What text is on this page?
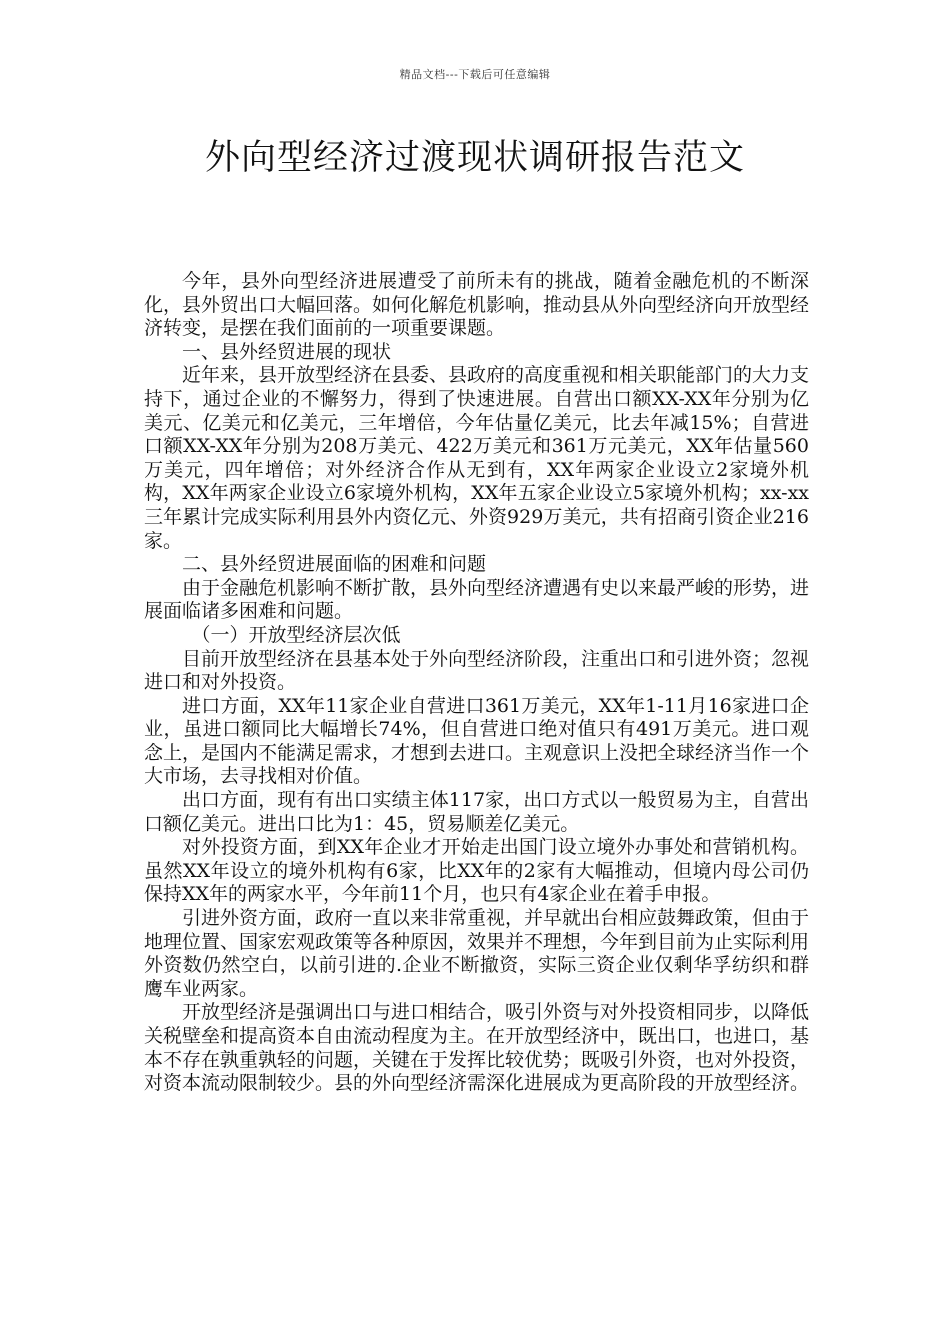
精品文档---下载后可任意编辑
外向型经济过渡现状调研报告范文

今年，县外向型经济进展遭受了前所未有的挑战，随着金融危机的不断深化，县外贸出口大幅回落。如何化解危机影响，推动县从外向型经济向开放型经济转变，是摆在我们面前的一项重要课题。

一、县外经贸进展的现状

近年来，县开放型经济在县委、县政府的高度重视和相关职能部门的大力支持下，通过企业的不懈努力，得到了快速进展。自营出口额XX-XX年分别为亿美元、亿美元和亿美元，三年增倍，今年估量亿美元，比去年减15%；自营进口额XX-XX年分别为208万美元、422万美元和361万元美元，XX年估量560万美元，四年增倍；对外经济合作从无到有，XX年两家企业设立2家境外机构，XX年两家企业设立6家境外机构，XX年五家企业设立5家境外机构；xx-xx三年累计完成实际利用县外内资亿元、外资929万美元，共有招商引资企业216家。

二、县外经贸进展面临的困难和问题

由于金融危机影响不断扩散，县外向型经济遭遇有史以来最严峻的形势，进展面临诸多困难和问题。

（一）开放型经济层次低

目前开放型经济在县基本处于外向型经济阶段，注重出口和引进外资；忽视进口和对外投资。

进口方面，XX年11家企业自营进口361万美元，XX年1-11月16家进口企业，虽进口额同比大幅增长74%，但自营进口绝对值只有491万美元。进口观念上，是国内不能满足需求，才想到去进口。主观意识上没把全球经济当作一个大市场，去寻找相对价值。

出口方面，现有有出口实绩主体117家，出口方式以一般贸易为主，自营出口额亿美元。进出口比为1：45，贸易顺差亿美元。

对外投资方面，到XX年企业才开始走出国门设立境外办事处和营销机构。虽然XX年设立的境外机构有6家，比XX年的2家有大幅推动，但境内母公司仍保持XX年的两家水平，今年前11个月，也只有4家企业在着手申报。

引进外资方面，政府一直以来非常重视，并早就出台相应鼓舞政策，但由于地理位置、国家宏观政策等各种原因，效果并不理想，今年到目前为止实际利用外资数仍然空白，以前引进的.企业不断撤资，实际三资企业仅剩华孚纺织和群鹰车业两家。

开放型经济是强调出口与进口相结合，吸引外资与对外投资相同步，以降低关税壁垒和提高资本自由流动程度为主。在开放型经济中，既出口，也进口，基本不存在孰重孰轻的问题，关键在于发挥比较优势；既吸引外资，也对外投资，对资本流动限制较少。县的外向型经济需深化进展成为更高阶段的开放型经济。
